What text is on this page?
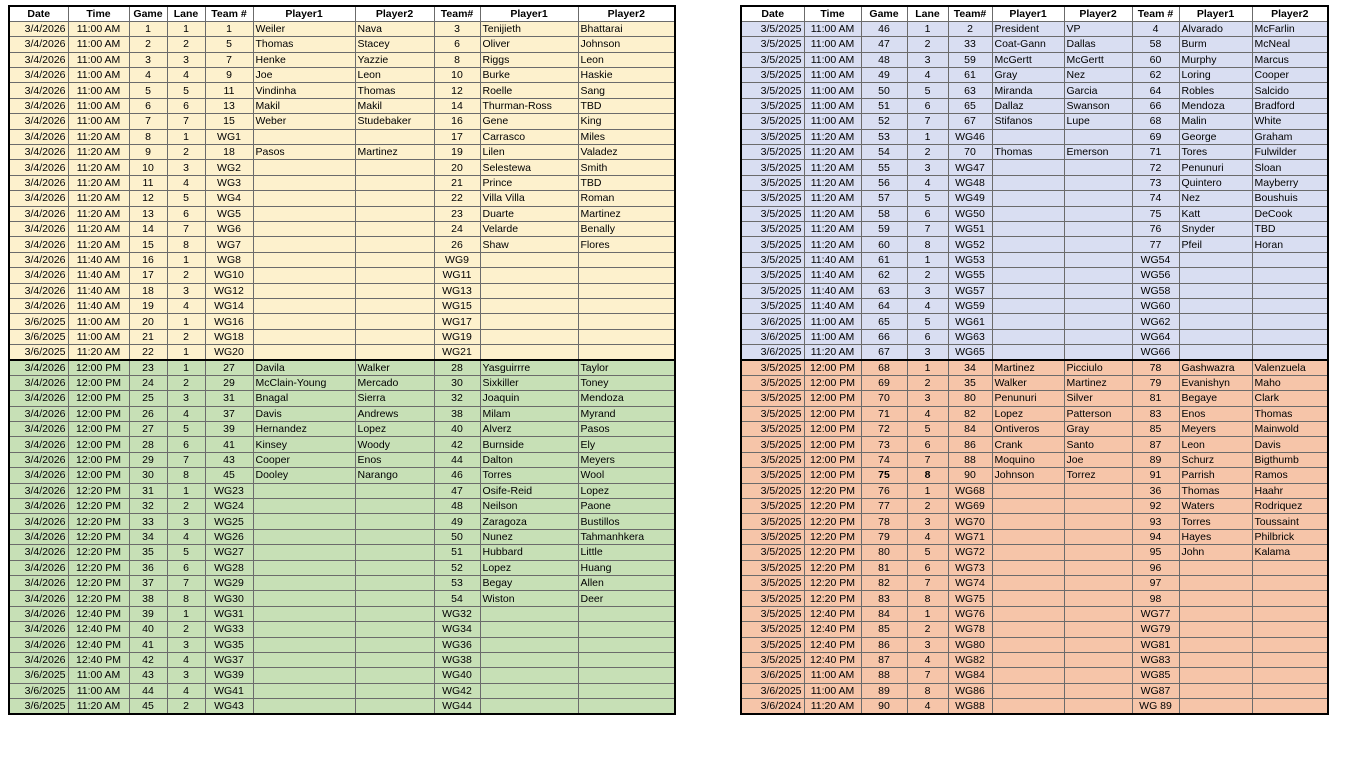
Date	Time	Game	Lane	Team #	Player1	Player2	Team#	Player1	Player2
3/4/2026	11:00 AM	1	1	1	Weiler	Nava	3	Tenijieth	Bhattarai
3/4/2026	11:00 AM	2	2	5	Thomas	Stacey	6	Oliver	Johnson
3/4/2026	11:00 AM	3	3	7	Henke	Yazzie	8	Riggs	Leon
3/4/2026	11:00 AM	4	4	9	Joe	Leon	10	Burke	Haskie
3/4/2026	11:00 AM	5	5	11	Vindinha	Thomas	12	Roelle	Sang
3/4/2026	11:00 AM	6	6	13	Makil	Makil	14	Thurman-Ross	TBD
3/4/2026	11:00 AM	7	7	15	Weber	Studebaker	16	Gene	King
3/4/2026	11:20 AM	8	1	WG1			17	Carrasco	Miles
3/4/2026	11:20 AM	9	2	18	Pasos	Martinez	19	Lilen	Valadez
3/4/2026	11:20 AM	10	3	WG2			20	Selestewa	Smith
3/4/2026	11:20 AM	11	4	WG3			21	Prince	TBD
3/4/2026	11:20 AM	12	5	WG4			22	Villa Villa	Roman
3/4/2026	11:20 AM	13	6	WG5			23	Duarte	Martinez
3/4/2026	11:20 AM	14	7	WG6			24	Velarde	Benally
3/4/2026	11:20 AM	15	8	WG7			26	Shaw	Flores
3/4/2026	11:40 AM	16	1	WG8			WG9		
3/4/2026	11:40 AM	17	2	WG10			WG11		
3/4/2026	11:40 AM	18	3	WG12			WG13		
3/4/2026	11:40 AM	19	4	WG14			WG15		
3/6/2025	11:00 AM	20	1	WG16			WG17		
3/6/2025	11:00 AM	21	2	WG18			WG19		
3/6/2025	11:20 AM	22	1	WG20			WG21		
3/4/2026	12:00 PM	23	1	27	Davila	Walker	28	Yasguirrre	Taylor
3/4/2026	12:00 PM	24	2	29	McClain-Young	Mercado	30	Sixkiller	Toney
3/4/2026	12:00 PM	25	3	31	Bnagal	Sierra	32	Joaquin	Mendoza
3/4/2026	12:00 PM	26	4	37	Davis	Andrews	38	Milam	Myrand
3/4/2026	12:00 PM	27	5	39	Hernandez	Lopez	40	Alverz	Pasos
3/4/2026	12:00 PM	28	6	41	Kinsey	Woody	42	Burnside	Ely
3/4/2026	12:00 PM	29	7	43	Cooper	Enos	44	Dalton	Meyers
3/4/2026	12:00 PM	30	8	45	Dooley	Narango	46	Torres	Wool
3/4/2026	12:20 PM	31	1	WG23			47	Osife-Reid	Lopez
3/4/2026	12:20 PM	32	2	WG24			48	Neilson	Paone
3/4/2026	12:20 PM	33	3	WG25			49	Zaragoza	Bustillos
3/4/2026	12:20 PM	34	4	WG26			50	Nunez	Tahmanhkera
3/4/2026	12:20 PM	35	5	WG27			51	Hubbard	Little
3/4/2026	12:20 PM	36	6	WG28			52	Lopez	Huang
3/4/2026	12:20 PM	37	7	WG29			53	Begay	Allen
3/4/2026	12:20 PM	38	8	WG30			54	Wiston	Deer
3/4/2026	12:40 PM	39	1	WG31			WG32		
3/4/2026	12:40 PM	40	2	WG33			WG34		
3/4/2026	12:40 PM	41	3	WG35			WG36		
3/4/2026	12:40 PM	42	4	WG37			WG38		
3/6/2025	11:00 AM	43	3	WG39			WG40		
3/6/2025	11:00 AM	44	4	WG41			WG42		
3/6/2025	11:20 AM	45	2	WG43			WG44		
Date	Time	Game	Lane	Team#	Player1	Player2	Team #	Player1	Player2
3/5/2025	11:00 AM	46	1	2	President	VP	4	Alvarado	McFarlin
3/5/2025	11:00 AM	47	2	33	Coat-Gann	Dallas	58	Burm	McNeal
3/5/2025	11:00 AM	48	3	59	McGertt	McGertt	60	Murphy	Marcus
3/5/2025	11:00 AM	49	4	61	Gray	Nez	62	Loring	Cooper
3/5/2025	11:00 AM	50	5	63	Miranda	Garcia	64	Robles	Salcido
3/5/2025	11:00 AM	51	6	65	Dallaz	Swanson	66	Mendoza	Bradford
3/5/2025	11:00 AM	52	7	67	Stifanos	Lupe	68	Malin	White
3/5/2025	11:20 AM	53	1	WG46			69	George	Graham
3/5/2025	11:20 AM	54	2	70	Thomas	Emerson	71	Tores	Fulwilder
3/5/2025	11:20 AM	55	3	WG47			72	Penunuri	Sloan
3/5/2025	11:20 AM	56	4	WG48			73	Quintero	Mayberry
3/5/2025	11:20 AM	57	5	WG49			74	Nez	Boushuis
3/5/2025	11:20 AM	58	6	WG50			75	Katt	DeCook
3/5/2025	11:20 AM	59	7	WG51			76	Snyder	TBD
3/5/2025	11:20 AM	60	8	WG52			77	Pfeil	Horan
3/5/2025	11:40 AM	61	1	WG53			WG54		
3/5/2025	11:40 AM	62	2	WG55			WG56		
3/5/2025	11:40 AM	63	3	WG57			WG58		
3/5/2025	11:40 AM	64	4	WG59			WG60		
3/6/2025	11:00 AM	65	5	WG61			WG62		
3/6/2025	11:00 AM	66	6	WG63			WG64		
3/6/2025	11:20 AM	67	3	WG65			WG66		
3/5/2025	12:00 PM	68	1	34	Martinez	Picciulo	78	Gashwazra	Valenzuela
3/5/2025	12:00 PM	69	2	35	Walker	Martinez	79	Evanishyn	Maho
3/5/2025	12:00 PM	70	3	80	Penunuri	Silver	81	Begaye	Clark
3/5/2025	12:00 PM	71	4	82	Lopez	Patterson	83	Enos	Thomas
3/5/2025	12:00 PM	72	5	84	Ontiveros	Gray	85	Meyers	Mainwold
3/5/2025	12:00 PM	73	6	86	Crank	Santo	87	Leon	Davis
3/5/2025	12:00 PM	74	7	88	Moquino	Joe	89	Schurz	Bigthumb
3/5/2025	12:00 PM	75	8	90	Johnson	Torrez	91	Parrish	Ramos
3/5/2025	12:20 PM	76	1	WG68			36	Thomas	Haahr
3/5/2025	12:20 PM	77	2	WG69			92	Waters	Rodriquez
3/5/2025	12:20 PM	78	3	WG70			93	Torres	Toussaint
3/5/2025	12:20 PM	79	4	WG71			94	Hayes	Philbrick
3/5/2025	12:20 PM	80	5	WG72			95	John	Kalama
3/5/2025	12:20 PM	81	6	WG73			96		
3/5/2025	12:20 PM	82	7	WG74			97		
3/5/2025	12:20 PM	83	8	WG75			98		
3/5/2025	12:40 PM	84	1	WG76			WG77		
3/5/2025	12:40 PM	85	2	WG78			WG79		
3/5/2025	12:40 PM	86	3	WG80			WG81		
3/5/2025	12:40 PM	87	4	WG82			WG83		
3/6/2025	11:00 AM	88	7	WG84			WG85		
3/6/2025	11:00 AM	89	8	WG86			WG87		
3/6/2024	11:20 AM	90	4	WG88			WG 89		
